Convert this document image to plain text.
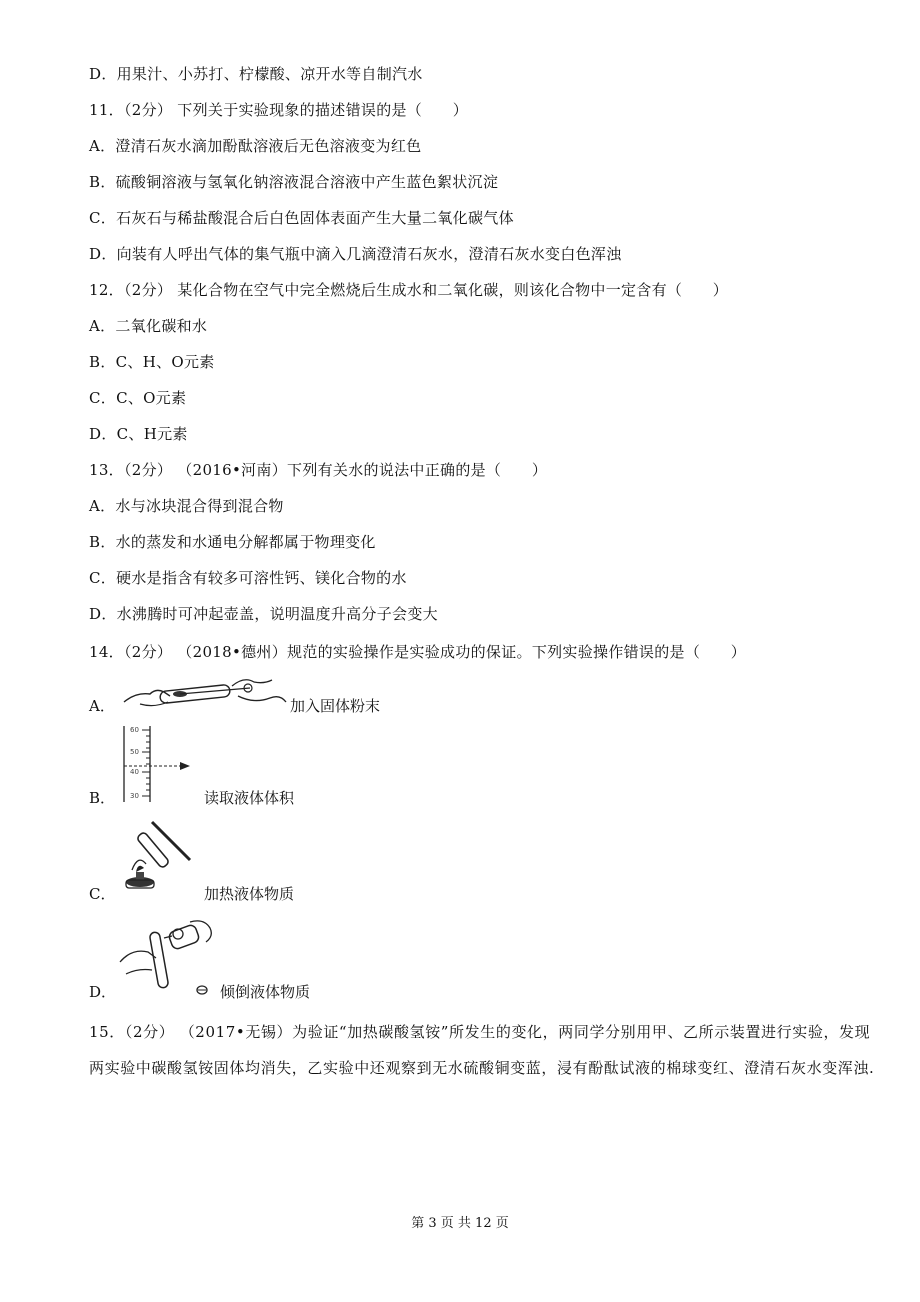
D．用果汁、小苏打、柠檬酸、凉开水等自制汽水
11．（2分） 下列关于实验现象的描述错误的是（　　）
A．澄清石灰水滴加酚酞溶液后无色溶液变为红色
B．硫酸铜溶液与氢氧化钠溶液混合溶液中产生蓝色絮状沉淀
C．石灰石与稀盐酸混合后白色固体表面产生大量二氧化碳气体
D．向装有人呼出气体的集气瓶中滴入几滴澄清石灰水，澄清石灰水变白色浑浊
12．（2分） 某化合物在空气中完全燃烧后生成水和二氧化碳，则该化合物中一定含有（　　）
A．二氧化碳和水
B．C、H、O元素
C．C、O元素
D．C、H元素
13．（2分） （2016•河南）下列有关水的说法中正确的是（　　）
A．水与冰块混合得到混合物
B．水的蒸发和水通电分解都属于物理变化
C．硬水是指含有较多可溶性钙、镁化合物的水
D．水沸腾时可冲起壶盖，说明温度升高分子会变大
14．（2分） （2018•德州）规范的实验操作是实验成功的保证。下列实验操作错误的是（　　）
A．	加入固体粉末
B．
60
50
40
30	读取液体体积
C．	加热液体物质
D．	倾倒液体物质
15．（2分） （2017•无锡）为验证“加热碳酸氢铵”所发生的变化，两同学分别用甲、乙所示装置进行实验，发现两实验中碳酸氢铵固体均消失，乙实验中还观察到无水硫酸铜变蓝，浸有酚酞试液的棉球变红、澄清石灰水变浑浊.
第 3 页 共 12 页
